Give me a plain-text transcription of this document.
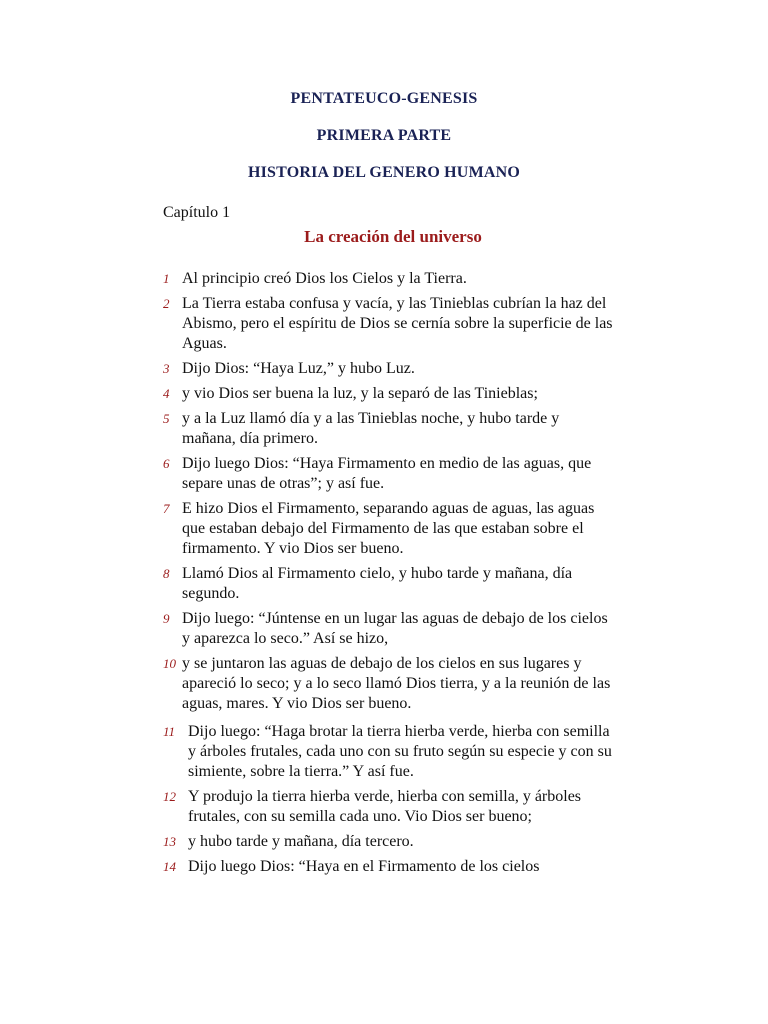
PENTATEUCO-GENESIS
PRIMERA PARTE
HISTORIA DEL GENERO HUMANO
Capítulo 1
La creación del universo
1 Al principio creó Dios los Cielos y la Tierra.
2 La Tierra estaba confusa y vacía, y las Tinieblas cubrían la haz del Abismo, pero el espíritu de Dios se cernía sobre la superficie de las Aguas.
3 Dijo Dios: “Haya Luz,” y hubo Luz.
4 y vio Dios ser buena la luz, y la separó de las Tinieblas;
5 y a la Luz llamó día y a las Tinieblas noche, y hubo tarde y mañana, día primero.
6 Dijo luego Dios: “Haya Firmamento en medio de las aguas, que separe unas de otras”; y así fue.
7 E hizo Dios el Firmamento, separando aguas de aguas, las aguas que estaban debajo del Firmamento de las que estaban sobre el firmamento. Y vio Dios ser bueno.
8 Llamó Dios al Firmamento cielo, y hubo tarde y mañana, día segundo.
9 Dijo luego: “Júntense en un lugar las aguas de debajo de los cielos y aparezca lo seco.” Así se hizo,
10 y se juntaron las aguas de debajo de los cielos en sus lugares y apareció lo seco; y a lo seco llamó Dios tierra, y a la reunión de las aguas, mares. Y vio Dios ser bueno.
11 Dijo luego: “Haga brotar la tierra hierba verde, hierba con semilla y árboles frutales, cada uno con su fruto según su especie y con su simiente, sobre la tierra.” Y así fue.
12 Y produjo la tierra hierba verde, hierba con semilla, y árboles frutales, con su semilla cada uno. Vio Dios ser bueno;
13 y hubo tarde y mañana, día tercero.
14 Dijo luego Dios: “Haya en el Firmamento de los cielos
